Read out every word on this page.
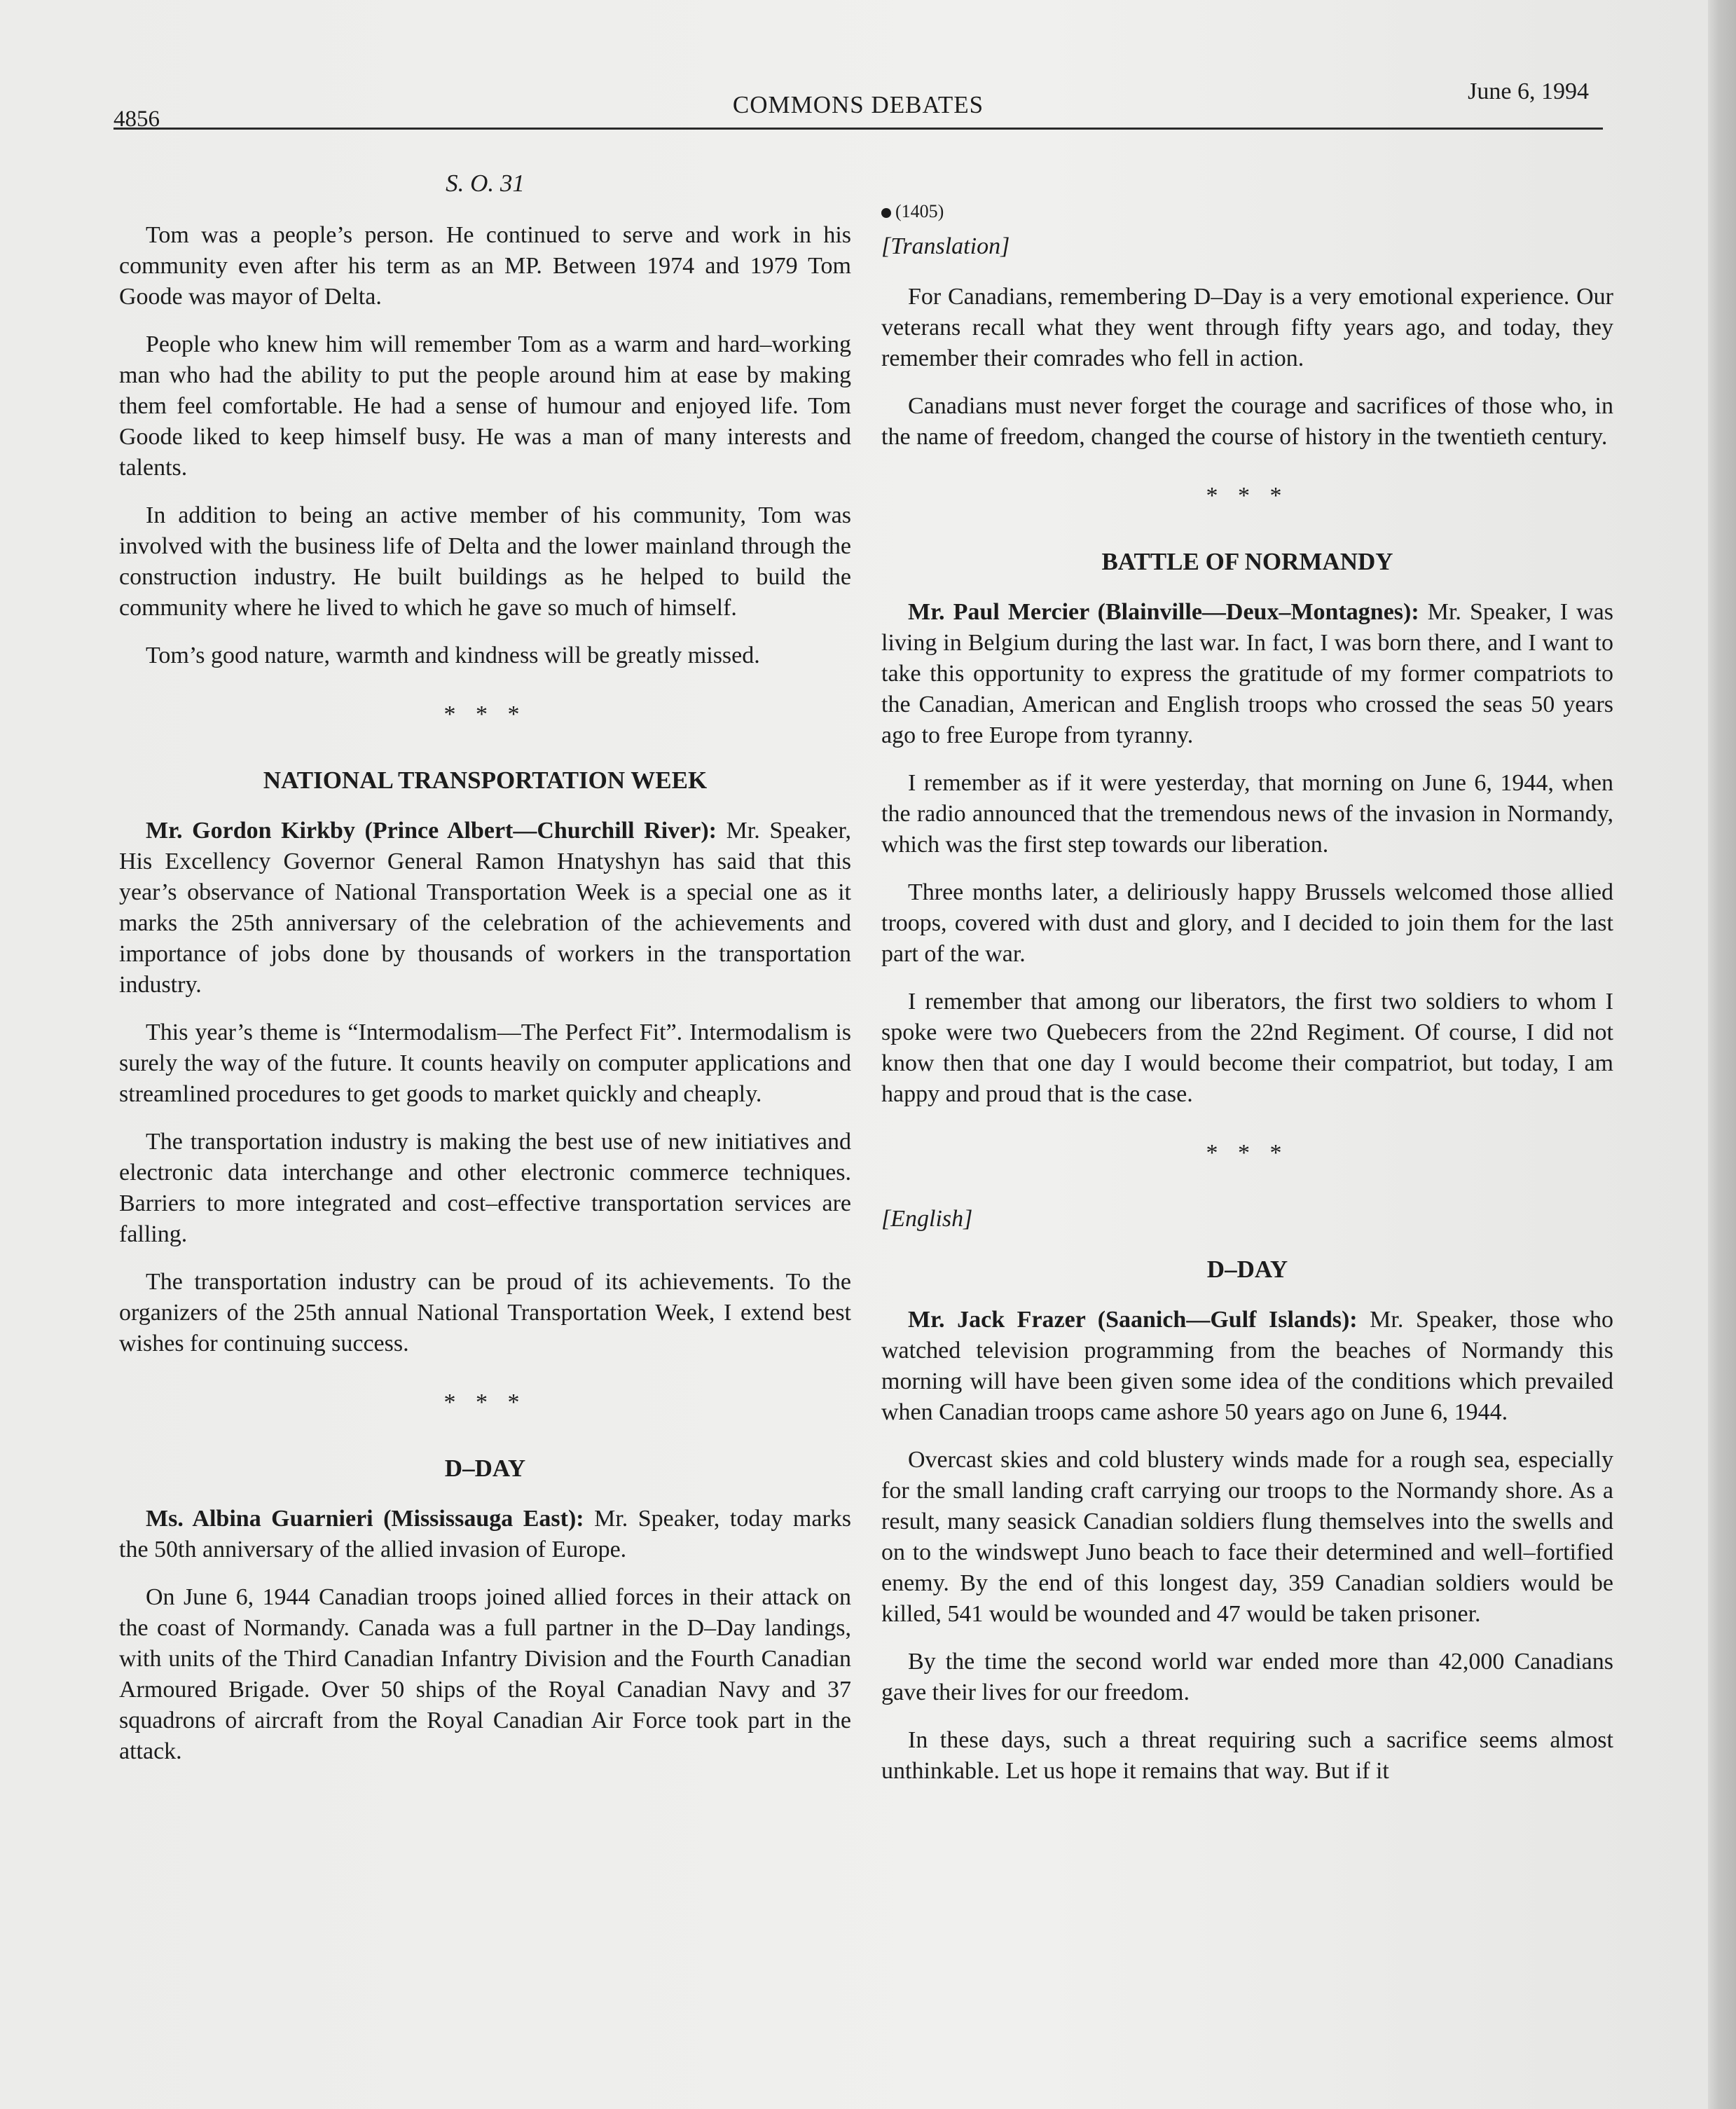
4856
COMMONS DEBATES	June 6, 1994
S. O. 31

Tom was a people’s person. He continued to serve and work in his community even after his term as an MP. Between 1974 and 1979 Tom Goode was mayor of Delta.

People who knew him will remember Tom as a warm and hard–working man who had the ability to put the people around him at ease by making them feel comfortable. He had a sense of humour and enjoyed life. Tom Goode liked to keep himself busy. He was a man of many interests and talents.

In addition to being an active member of his community, Tom was involved with the business life of Delta and the lower mainland through the construction industry. He built buildings as he helped to build the community where he lived to which he gave so much of himself.

Tom’s good nature, warmth and kindness will be greatly missed.

* * *
NATIONAL TRANSPORTATION WEEK

Mr. Gordon Kirkby (Prince Albert—Churchill River): Mr. Speaker, His Excellency Governor General Ramon Hnatyshyn has said that this year’s observance of National Transportation Week is a special one as it marks the 25th anniversary of the celebration of the achievements and importance of jobs done by thousands of workers in the transportation industry.

This year’s theme is “Intermodalism—The Perfect Fit”. Intermodalism is surely the way of the future. It counts heavily on computer applications and streamlined procedures to get goods to market quickly and cheaply.

The transportation industry is making the best use of new initiatives and electronic data interchange and other electronic commerce techniques. Barriers to more integrated and cost–effective transportation services are falling.

The transportation industry can be proud of its achievements. To the organizers of the 25th annual National Transportation Week, I extend best wishes for continuing success.

* * *
D–DAY

Ms. Albina Guarnieri (Mississauga East): Mr. Speaker, today marks the 50th anniversary of the allied invasion of Europe.

On June 6, 1944 Canadian troops joined allied forces in their attack on the coast of Normandy. Canada was a full partner in the D–Day landings, with units of the Third Canadian Infantry Division and the Fourth Canadian Armoured Brigade. Over 50 ships of the Royal Canadian Navy and 37 squadrons of aircraft from the Royal Canadian Air Force took part in the attack.

(1405)
[Translation]

For Canadians, remembering D–Day is a very emotional experience. Our veterans recall what they went through fifty years ago, and today, they remember their comrades who fell in action.

Canadians must never forget the courage and sacrifices of those who, in the name of freedom, changed the course of history in the twentieth century.

* * *
BATTLE OF NORMANDY

Mr. Paul Mercier (Blainville—Deux–Montagnes): Mr. Speaker, I was living in Belgium during the last war. In fact, I was born there, and I want to take this opportunity to express the gratitude of my former compatriots to the Canadian, American and English troops who crossed the seas 50 years ago to free Europe from tyranny.

I remember as if it were yesterday, that morning on June 6, 1944, when the radio announced that the tremendous news of the invasion in Normandy, which was the first step towards our liberation.

Three months later, a deliriously happy Brussels welcomed those allied troops, covered with dust and glory, and I decided to join them for the last part of the war.

I remember that among our liberators, the first two soldiers to whom I spoke were two Quebecers from the 22nd Regiment. Of course, I did not know then that one day I would become their compatriot, but today, I am happy and proud that is the case.

* * *
[English]
D–DAY

Mr. Jack Frazer (Saanich—Gulf Islands): Mr. Speaker, those who watched television programming from the beaches of Normandy this morning will have been given some idea of the conditions which prevailed when Canadian troops came ashore 50 years ago on June 6, 1944.

Overcast skies and cold blustery winds made for a rough sea, especially for the small landing craft carrying our troops to the Normandy shore. As a result, many seasick Canadian soldiers flung themselves into the swells and on to the windswept Juno beach to face their determined and well–fortified enemy. By the end of this longest day, 359 Canadian soldiers would be killed, 541 would be wounded and 47 would be taken prisoner.

By the time the second world war ended more than 42,000 Canadians gave their lives for our freedom.

In these days, such a threat requiring such a sacrifice seems almost unthinkable. Let us hope it remains that way. But if it
